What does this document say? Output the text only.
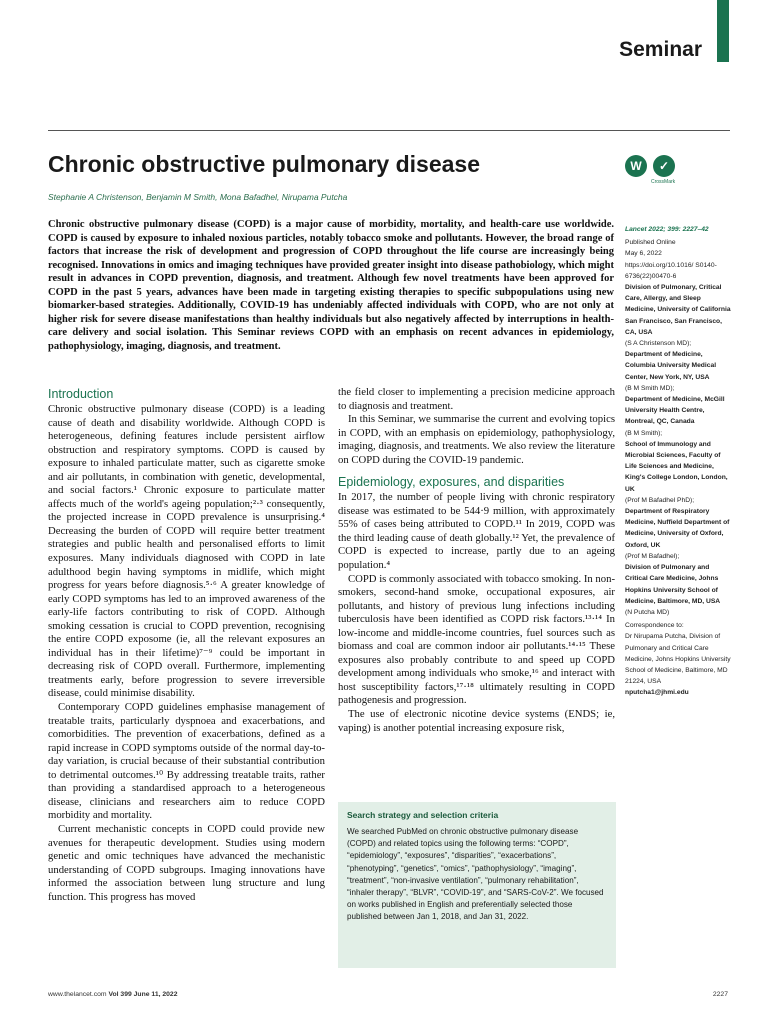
Seminar
Chronic obstructive pulmonary disease
Stephanie A Christenson, Benjamin M Smith, Mona Bafadhel, Nirupama Putcha
W	✓
CrossMark

Chronic obstructive pulmonary disease (COPD) is a major cause of morbidity, mortality, and health-care use worldwide. COPD is caused by exposure to inhaled noxious particles, notably tobacco smoke and pollutants. However, the broad range of factors that increase the risk of development and progression of COPD throughout the life course are increasingly being recognised. Innovations in omics and imaging techniques have provided greater insight into disease pathobiology, which might result in advances in COPD prevention, diagnosis, and treatment. Although few novel treatments have been approved for COPD in the past 5 years, advances have been made in targeting existing therapies to specific subpopulations using new biomarker-based strategies. Additionally, COVID-19 has undeniably affected individuals with COPD, who are not only at higher risk for severe disease manifestations than healthy individuals but also negatively affected by interruptions in health-care delivery and social isolation. This Seminar reviews COPD with an emphasis on recent advances in epidemiology, pathophysiology, imaging, diagnosis, and treatment.

Introduction

Chronic obstructive pulmonary disease (COPD) is a leading cause of death and disability worldwide. Although COPD is heterogeneous, defining features include persistent airflow obstruction and respiratory symptoms. COPD is caused by exposure to inhaled particulate matter, such as cigarette smoke and air pollutants, in combination with genetic, developmental, and social factors.¹ Chronic exposure to particulate matter affects much of the world's ageing population;²·³ consequently, the projected increase in COPD prevalence is unsurprising.⁴ Decreasing the burden of COPD will require better treatment strategies and public health and personalised efforts to limit exposures. Many individuals diagnosed with COPD in late adulthood begin having symptoms in midlife, which might progress for years before diagnosis.⁵·⁶ A greater knowledge of early COPD symptoms has led to an improved awareness of the early-life factors contributing to risk of COPD. Although smoking cessation is crucial to COPD prevention, recognising the entire COPD exposome (ie, all the relevant exposures an individual has in their lifetime)⁷⁻⁹ could be important in decreasing risk of COPD overall. Furthermore, implementing treatments early, before progression to severe irreversible disease, could minimise disability.

Contemporary COPD guidelines emphasise management of treatable traits, particularly dyspnoea and exacerbations, and comorbidities. The prevention of exacerbations, defined as a rapid increase in COPD symptoms outside of the normal day-to-day variation, is crucial because of their substantial contribution to detrimental outcomes.¹⁰ By addressing treatable traits, rather than providing a standardised approach to a heterogeneous disease, clinicians and researchers aim to reduce COPD morbidity and mortality.

Current mechanistic concepts in COPD could provide new avenues for therapeutic development. Studies using modern genetic and omic techniques have advanced the mechanistic understanding of COPD subgroups. Imaging innovations have informed the association between lung structure and lung function. This progress has moved

the field closer to implementing a precision medicine approach to diagnosis and treatment.

In this Seminar, we summarise the current and evolving topics in COPD, with an emphasis on epidemiology, pathophysiology, imaging, diagnosis, and treatments. We also review the literature on COPD during the COVID-19 pandemic.

Epidemiology, exposures, and disparities

In 2017, the number of people living with chronic respiratory disease was estimated to be 544·9 million, with approximately 55% of cases being attributed to COPD.¹¹ In 2019, COPD was the third leading cause of death globally.¹² Yet, the prevalence of COPD is expected to increase, partly due to an ageing population.⁴

COPD is commonly associated with tobacco smoking. In non-smokers, second-hand smoke, occupational exposures, air pollutants, and history of previous lung infections including tuberculosis have been identified as COPD risk factors.¹³·¹⁴ In low-income and middle-income countries, fuel sources such as biomass and coal are common indoor air pollutants.¹⁴·¹⁵ These exposures also probably contribute to and speed up COPD development among individuals who smoke,¹⁶ and interact with host susceptibility factors,¹⁷·¹⁸ ultimately resulting in COPD pathogenesis and progression.

The use of electronic nicotine device systems (ENDS; ie, vaping) is another potential increasing exposure risk,

Search strategy and selection criteria

We searched PubMed on chronic obstructive pulmonary disease (COPD) and related topics using the following terms: “COPD”, “epidemiology”, “exposures”, “disparities”, “exacerbations”, “phenotyping”, “genetics”, “omics”, “pathophysiology”, “imaging”, “treatment”, “non-invasive ventilation”, “pulmonary rehabilitation”, “inhaler therapy”, “BLVR”, “COVID-19”, and “SARS-CoV-2”. We focused on works published in English and preferentially selected those published between Jan 1, 2018, and Jan 31, 2022.

Lancet 2022; 399: 2227–42

Published Online

May 6, 2022

https://doi.org/10.1016/ S0140-6736(22)00470-6

Division of Pulmonary, Critical Care, Allergy, and Sleep Medicine, University of California San Francisco, San Francisco, CA, USA

(S A Christenson MD);

Department of Medicine, Columbia University Medical Center, New York, NY, USA

(B M Smith MD);

Department of Medicine, McGill University Health Centre, Montreal, QC, Canada

(B M Smith);

School of Immunology and Microbial Sciences, Faculty of Life Sciences and Medicine, King's College London, London, UK

(Prof M Bafadhel PhD);

Department of Respiratory Medicine, Nuffield Department of Medicine, University of Oxford, Oxford, UK

(Prof M Bafadhel);

Division of Pulmonary and Critical Care Medicine, Johns Hopkins University School of Medicine, Baltimore, MD, USA

(N Putcha MD)

Correspondence to:

Dr Nirupama Putcha, Division of Pulmonary and Critical Care Medicine, Johns Hopkins University School of Medicine, Baltimore, MD 21224, USA

nputcha1@jhmi.edu

www.thelancet.com Vol 399 June 11, 2022	2227
